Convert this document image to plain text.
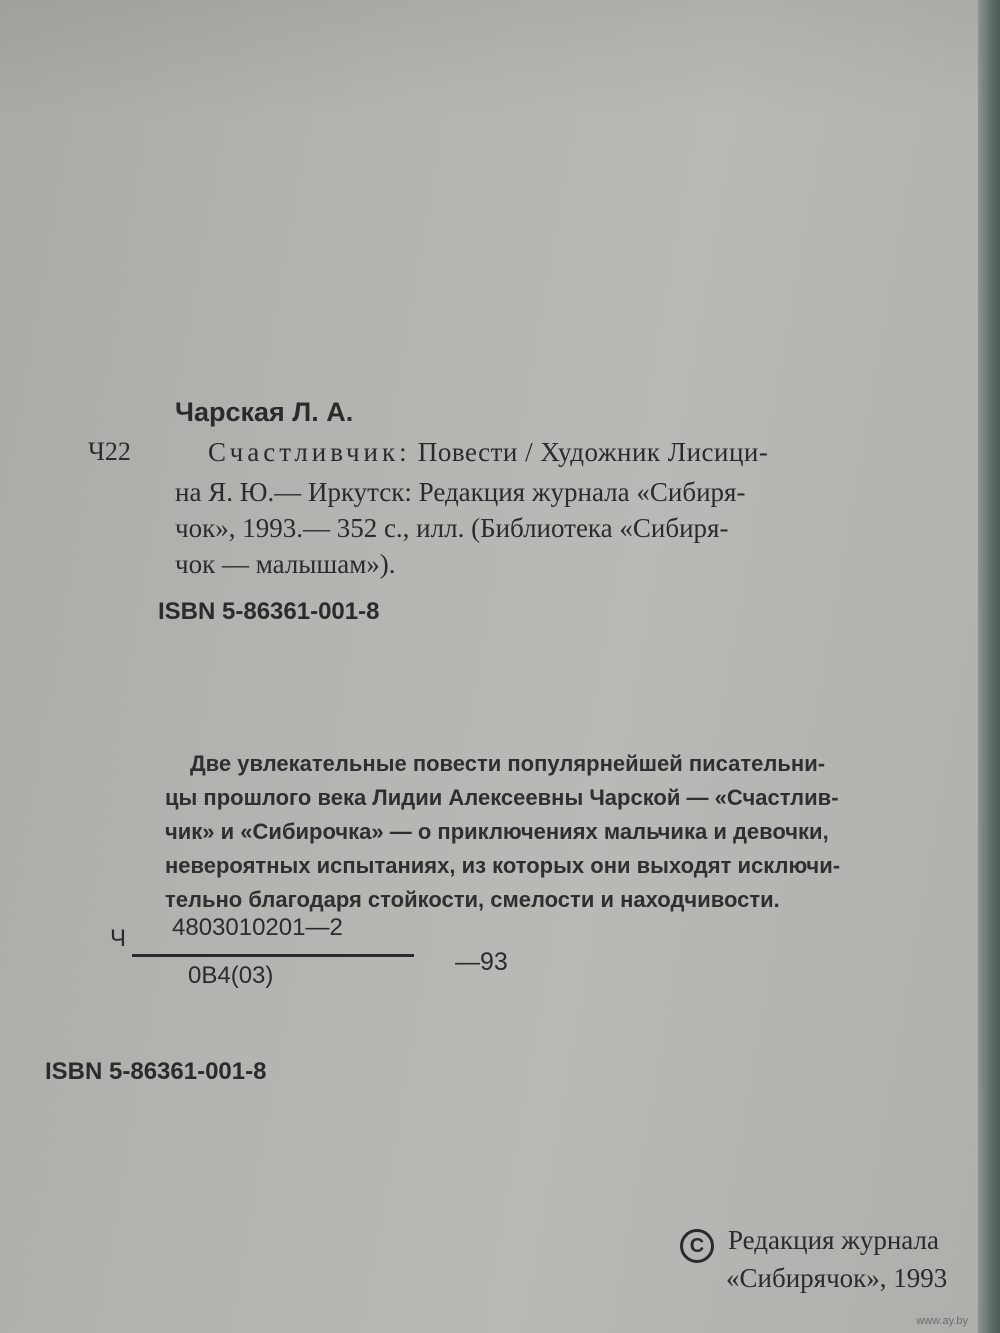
Чарская Л. А.
Ч22	Счастливчик: Повести / Художник Лисици-
на Я. Ю.— Иркутск: Редакция журнала «Сибиря-
чок», 1993.— 352 с., илл. (Библиотека «Сибиря-
чок — малышам»).
ISBN 5-86361-001-8
Две увлекательные повести популярнейшей писательни-
цы прошлого века Лидии Алексеевны Чарской — «Счастлив-
чик» и «Сибирочка» — о приключениях мальчика и девочки,
невероятных испытаниях, из которых они выходят исключи-
тельно благодаря стойкости, смелости и находчивости.
Ч 4803010201—2
0В4(03)	—93
ISBN 5-86361-001-8
C Редакция журнала
«Сибирячок», 1993
www.ay.by
